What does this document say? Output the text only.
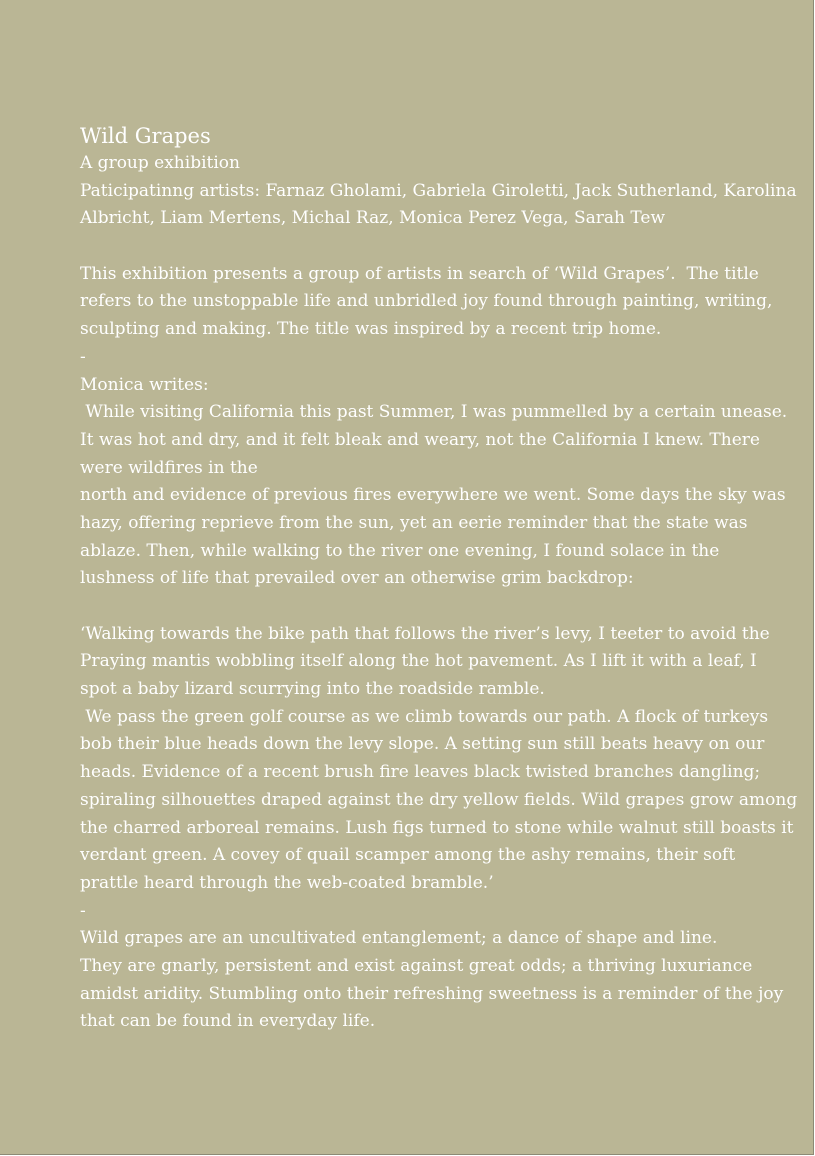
Wild Grapes
A group exhibition
Paticipatinng artists: Farnaz Gholami, Gabriela Giroletti, Jack Sutherland, Karolina
Albricht, Liam Mertens, Michal Raz, Monica Perez Vega, Sarah Tew
This exhibition presents a group of artists in search of ‘Wild Grapes’.  The title
refers to the unstoppable life and unbridled joy found through painting, writing,
sculpting and making. The title was inspired by a recent trip home.
-
Monica writes:
While visiting California this past Summer, I was pummelled by a certain unease.
It was hot and dry, and it felt bleak and weary, not the California I knew. There
were wildfires in the
north and evidence of previous fires everywhere we went. Some days the sky was
hazy, offering reprieve from the sun, yet an eerie reminder that the state was
ablaze. Then, while walking to the river one evening, I found solace in the
lushness of life that prevailed over an otherwise grim backdrop:
‘Walking towards the bike path that follows the river’s levy, I teeter to avoid the
Praying mantis wobbling itself along the hot pavement. As I lift it with a leaf, I
spot a baby lizard scurrying into the roadside ramble.
We pass the green golf course as we climb towards our path. A flock of turkeys
bob their blue heads down the levy slope. A setting sun still beats heavy on our
heads. Evidence of a recent brush fire leaves black twisted branches dangling;
spiraling silhouettes draped against the dry yellow fields. Wild grapes grow among
the charred arboreal remains. Lush figs turned to stone while walnut still boasts it
verdant green. A covey of quail scamper among the ashy remains, their soft
prattle heard through the web-coated bramble.’
-
Wild grapes are an uncultivated entanglement; a dance of shape and line.
They are gnarly, persistent and exist against great odds; a thriving luxuriance
amidst aridity. Stumbling onto their refreshing sweetness is a reminder of the joy
that can be found in everyday life.
